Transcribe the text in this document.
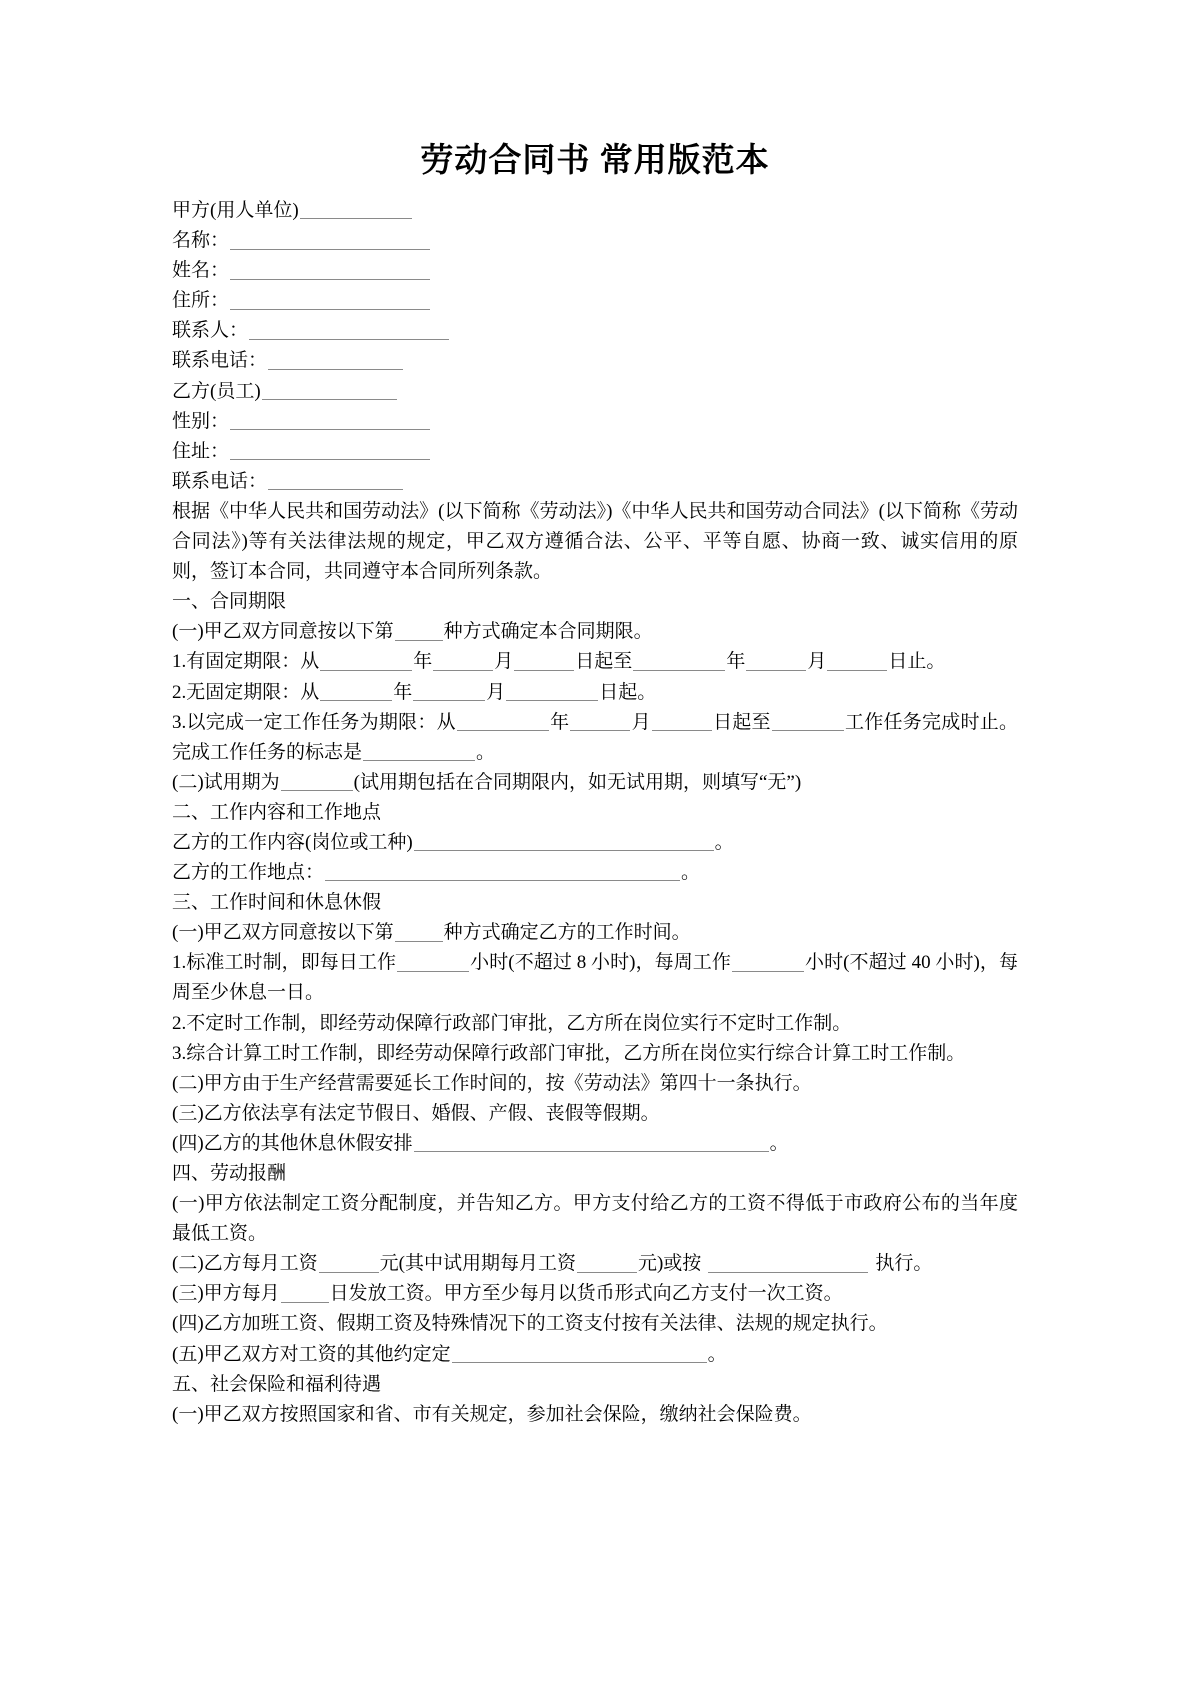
劳动合同书 常用版范本

甲方(用人单位)

名称：

姓名：

住所：

联系人：

联系电话：

乙方(员工)

性别：

住址：

联系电话：

根据《中华人民共和国劳动法》(以下简称《劳动法》)《中华人民共和国劳动合同法》(以下简称《劳动合同法》)等有关法律法规的规定，甲乙双方遵循合法、公平、平等自愿、协商一致、诚实信用的原则，签订本合同，共同遵守本合同所列条款。

一、合同期限

(一)甲乙双方同意按以下第	种方式确定本合同期限。

1.有固定期限：从	年	月	日起至	年	月	日止。

2.无固定期限：从	年	月	日起。

3.以完成一定工作任务为期限：从	年	月	日起至	工作任务完成时止。完成工作任务的标志是	。

(二)试用期为	(试用期包括在合同期限内，如无试用期，则填写“无”)

二、工作内容和工作地点

乙方的工作内容(岗位或工种)	。

乙方的工作地点：	。

三、工作时间和休息休假

(一)甲乙双方同意按以下第	种方式确定乙方的工作时间。

1.标准工时制，即每日工作	小时(不超过 8 小时)，每周工作	小时(不超过 40 小时)，每周至少休息一日。

2.不定时工作制，即经劳动保障行政部门审批，乙方所在岗位实行不定时工作制。

3.综合计算工时工作制，即经劳动保障行政部门审批，乙方所在岗位实行综合计算工时工作制。

(二)甲方由于生产经营需要延长工作时间的，按《劳动法》第四十一条执行。

(三)乙方依法享有法定节假日、婚假、产假、丧假等假期。

(四)乙方的其他休息休假安排	。

四、劳动报酬

(一)甲方依法制定工资分配制度，并告知乙方。甲方支付给乙方的工资不得低于市政府公布的当年度最低工资。

(二)乙方每月工资	元(其中试用期每月工资	元)或按	执行。

(三)甲方每月	日发放工资。甲方至少每月以货币形式向乙方支付一次工资。

(四)乙方加班工资、假期工资及特殊情况下的工资支付按有关法律、法规的规定执行。

(五)甲乙双方对工资的其他约定定	。

五、社会保险和福利待遇

(一)甲乙双方按照国家和省、市有关规定，参加社会保险，缴纳社会保险费。
